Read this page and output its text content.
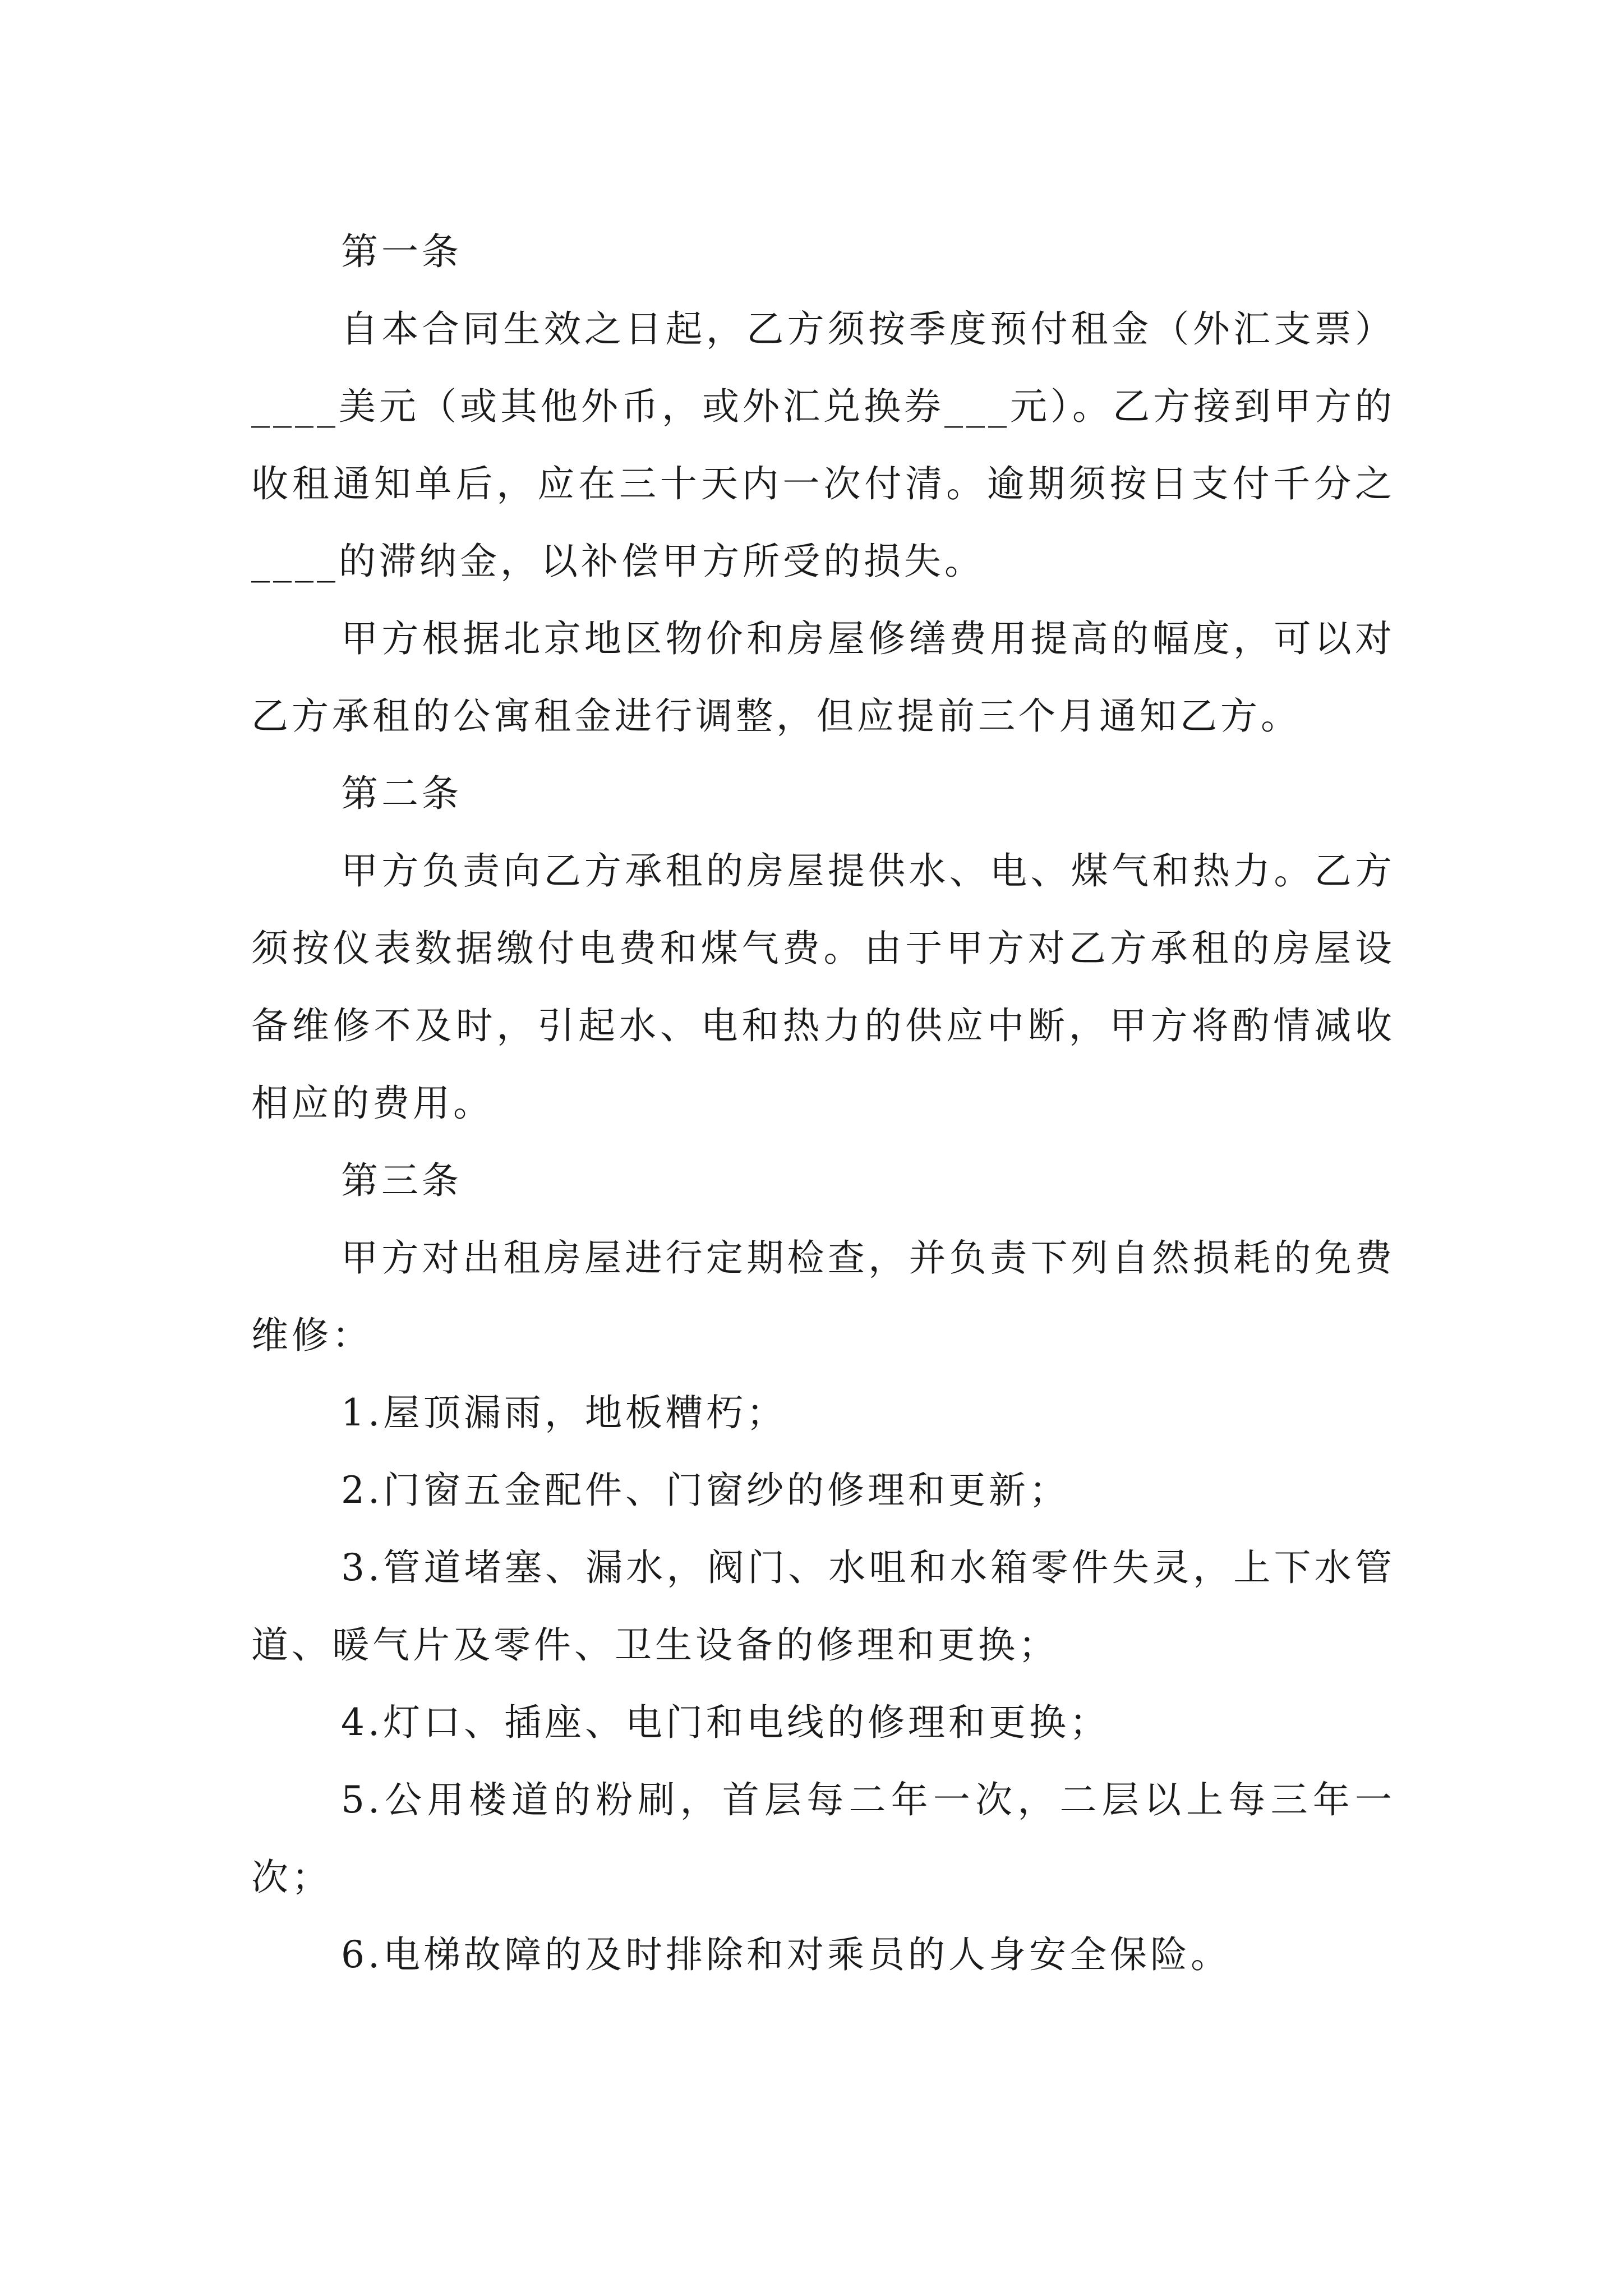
第一条

自本合同生效之日起，乙方须按季度预付租金（外汇支票）____美元（或其他外币，或外汇兑换券___元）。乙方接到甲方的收租通知单后，应在三十天内一次付清。逾期须按日支付千分之____的滞纳金，以补偿甲方所受的损失。

甲方根据北京地区物价和房屋修缮费用提高的幅度，可以对乙方承租的公寓租金进行调整，但应提前三个月通知乙方。

第二条

甲方负责向乙方承租的房屋提供水、电、煤气和热力。乙方须按仪表数据缴付电费和煤气费。由于甲方对乙方承租的房屋设备维修不及时，引起水、电和热力的供应中断，甲方将酌情减收相应的费用。

第三条

甲方对出租房屋进行定期检查，并负责下列自然损耗的免费维修：

1.屋顶漏雨，地板糟朽；

2.门窗五金配件、门窗纱的修理和更新；

3.管道堵塞、漏水，阀门、水咀和水箱零件失灵，上下水管道、暖气片及零件、卫生设备的修理和更换；

4.灯口、插座、电门和电线的修理和更换；

5.公用楼道的粉刷，首层每二年一次，二层以上每三年一次；

6.电梯故障的及时排除和对乘员的人身安全保险。
